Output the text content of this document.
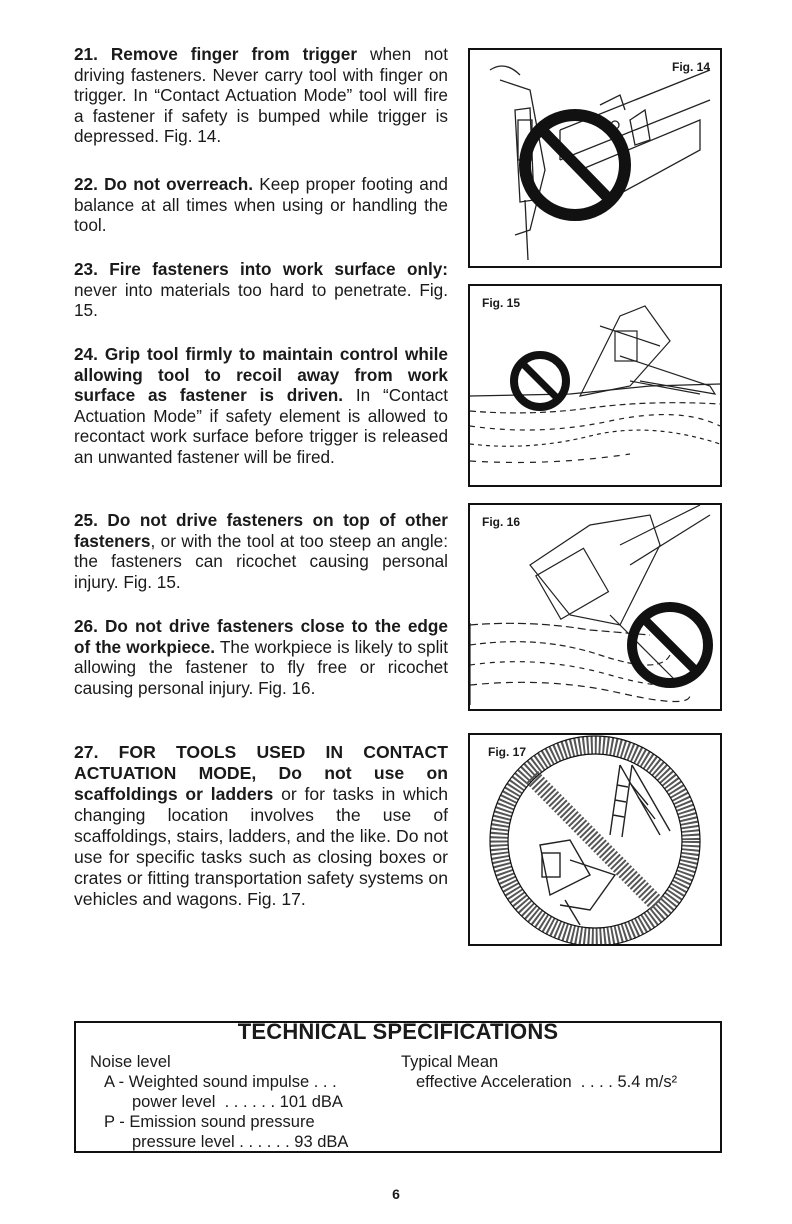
21. Remove finger from trigger when not driving fasteners. Never carry tool with finger on trigger. In “Contact Actuation Mode” tool will fire a fastener if safety is bumped while trigger is depressed. Fig. 14.

22. Do not overreach. Keep proper footing and balance at all times when using or handling the tool.

23. Fire fasteners into work surface only: never into materials too hard to penetrate. Fig. 15.

24. Grip tool firmly to maintain control while allowing tool to recoil away from work surface as fastener is driven. In “Contact Actuation Mode” if safety element is allowed to recontact work surface before trigger is released an unwanted fastener will be fired.

25. Do not drive fasteners on top of other fasteners, or with the tool at too steep an angle: the fasteners can ricochet causing personal injury. Fig. 15.

26. Do not drive fasteners close to the edge of the workpiece. The workpiece is likely to split allowing the fastener to fly free or ricochet causing personal injury. Fig. 16.

27. FOR TOOLS USED IN CONTACT ACTUATION MODE, Do not use on scaffoldings or ladders or for tasks in which changing location involves the use of scaffoldings, stairs, ladders, and the like. Do not use for specific tasks such as closing boxes or crates or fitting transportation safety systems on vehicles and wagons. Fig. 17.

Fig. 14
Fig. 15
Fig. 16
Fig. 17
TECHNICAL SPECIFICATIONS
Noise level
A - Weighted sound impulse . . .
power level  . . . . . . 101 dBA
P - Emission sound pressure
pressure level . . . . . . 93 dBA
Typical Mean
effective Acceleration  . . . . 5.4 m/s²
6
